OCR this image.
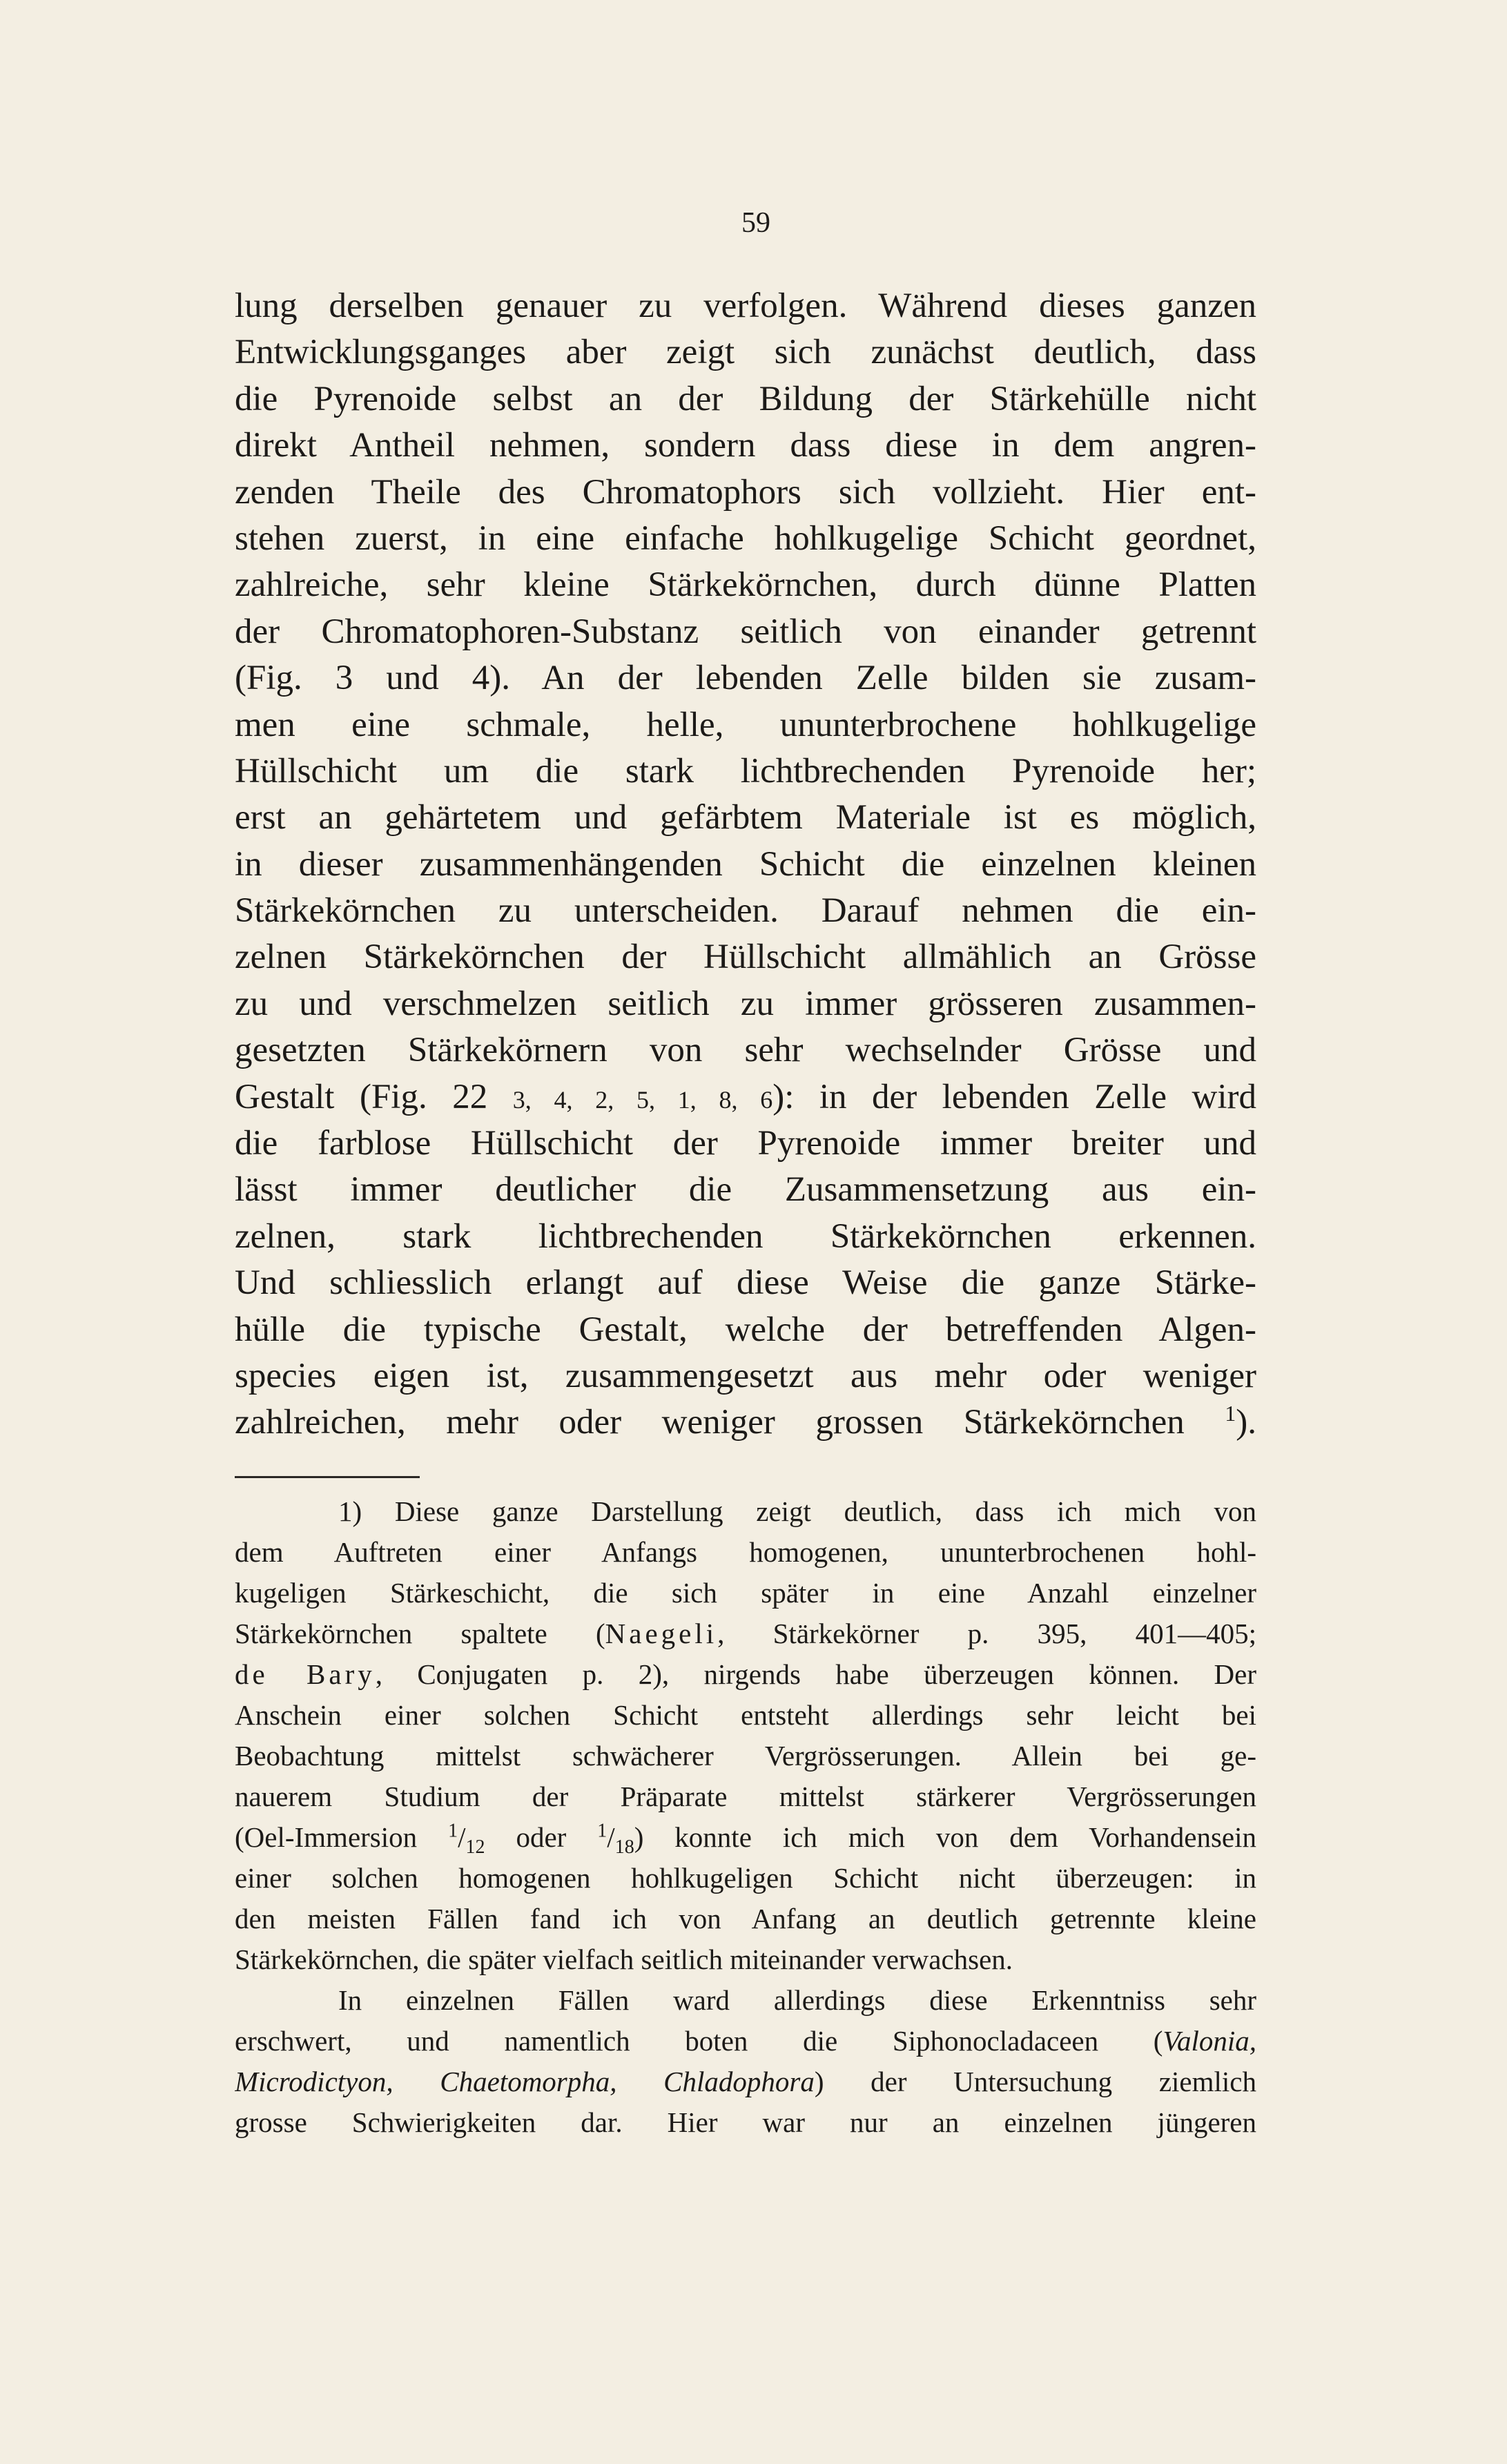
59
lung derselben genauer zu verfolgen. Während dieses ganzen
Entwicklungsganges aber zeigt sich zunächst deutlich, dass
die Pyrenoide selbst an der Bildung der Stärkehülle nicht
direkt Antheil nehmen, sondern dass diese in dem angren-
zenden Theile des Chromatophors sich vollzieht. Hier ent-
stehen zuerst, in eine einfache hohlkugelige Schicht geordnet,
zahlreiche, sehr kleine Stärkekörnchen, durch dünne Platten
der Chromatophoren-Substanz seitlich von einander getrennt
(Fig. 3 und 4). An der lebenden Zelle bilden sie zusam-
men eine schmale, helle, ununterbrochene hohlkugelige
Hüllschicht um die stark lichtbrechenden Pyrenoide her;
erst an gehärtetem und gefärbtem Materiale ist es möglich,
in dieser zusammenhängenden Schicht die einzelnen kleinen
Stärkekörnchen zu unterscheiden. Darauf nehmen die ein-
zelnen Stärkekörnchen der Hüllschicht allmählich an Grösse
zu und verschmelzen seitlich zu immer grösseren zusammen-
gesetzten Stärkekörnern von sehr wechselnder Grösse und
Gestalt (Fig. 22 3, 4, 2, 5, 1, 8, 6): in der lebenden Zelle wird
die farblose Hüllschicht der Pyrenoide immer breiter und
lässt immer deutlicher die Zusammensetzung aus ein-
zelnen, stark lichtbrechenden Stärkekörnchen erkennen.
Und schliesslich erlangt auf diese Weise die ganze Stärke-
hülle die typische Gestalt, welche der betreffenden Algen-
species eigen ist, zusammengesetzt aus mehr oder weniger
zahlreichen, mehr oder weniger grossen Stärkekörnchen $^1$).
1) Diese ganze Darstellung zeigt deutlich, dass ich mich von
dem Auftreten einer Anfangs homogenen, ununterbrochenen hohl-
kugeligen Stärkeschicht, die sich später in eine Anzahl einzelner
Stärkekörnchen spaltete (Naegeli, Stärkekörner p. 395, 401—405;
de Bary, Conjugaten p. 2), nirgends habe überzeugen können. Der
Anschein einer solchen Schicht entsteht allerdings sehr leicht bei
Beobachtung mittelst schwächerer Vergrösserungen. Allein bei ge-
nauerem Studium der Präparate mittelst stärkerer Vergrösserungen
(Oel-Immersion $^1/_{12}$ oder $^1/_{18}$) konnte ich mich von dem Vorhandensein
einer solchen homogenen hohlkugeligen Schicht nicht überzeugen: in
den meisten Fällen fand ich von Anfang an deutlich getrennte kleine
Stärkekörnchen, die später vielfach seitlich miteinander verwachsen.
In einzelnen Fällen ward allerdings diese Erkenntniss sehr
erschwert, und namentlich boten die Siphonocladaceen (Valonia,
Microdictyon, Chaetomorpha, Chladophora) der Untersuchung ziemlich
grosse Schwierigkeiten dar. Hier war nur an einzelnen jüngeren
